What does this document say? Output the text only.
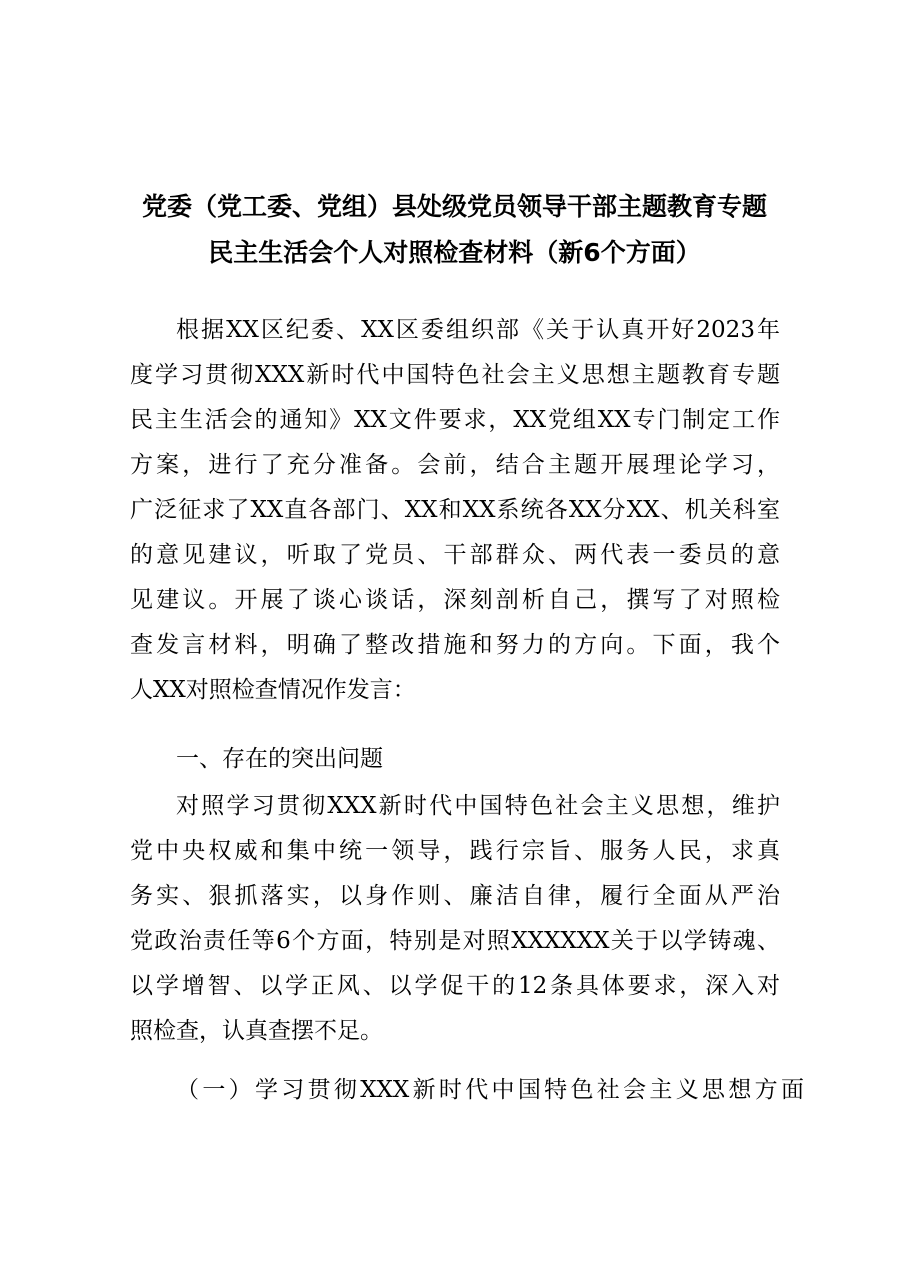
党委（党工委、党组）县处级党员领导干部主题教育专题
民主生活会个人对照检查材料（新6个方面）
根据XX区纪委、XX区委组织部《关于认真开好2023年
度学习贯彻XXX新时代中国特色社会主义思想主题教育专题
民主生活会的通知》XX文件要求，XX党组XX专门制定工作
方案，进行了充分准备。会前，结合主题开展理论学习，
广泛征求了XX直各部门、XX和XX系统各XX分XX、机关科室
的意见建议，听取了党员、干部群众、两代表一委员的意
见建议。开展了谈心谈话，深刻剖析自己，撰写了对照检
查发言材料，明确了整改措施和努力的方向。下面，我个
人XX对照检查情况作发言：
一、存在的突出问题
对照学习贯彻XXX新时代中国特色社会主义思想，维护
党中央权威和集中统一领导，践行宗旨、服务人民，求真
务实、狠抓落实，以身作则、廉洁自律，履行全面从严治
党政治责任等6个方面，特别是对照XXXXXX关于以学铸魂、
以学增智、以学正风、以学促干的12条具体要求，深入对
照检查，认真查摆不足。
（一）学习贯彻XXX新时代中国特色社会主义思想方面
